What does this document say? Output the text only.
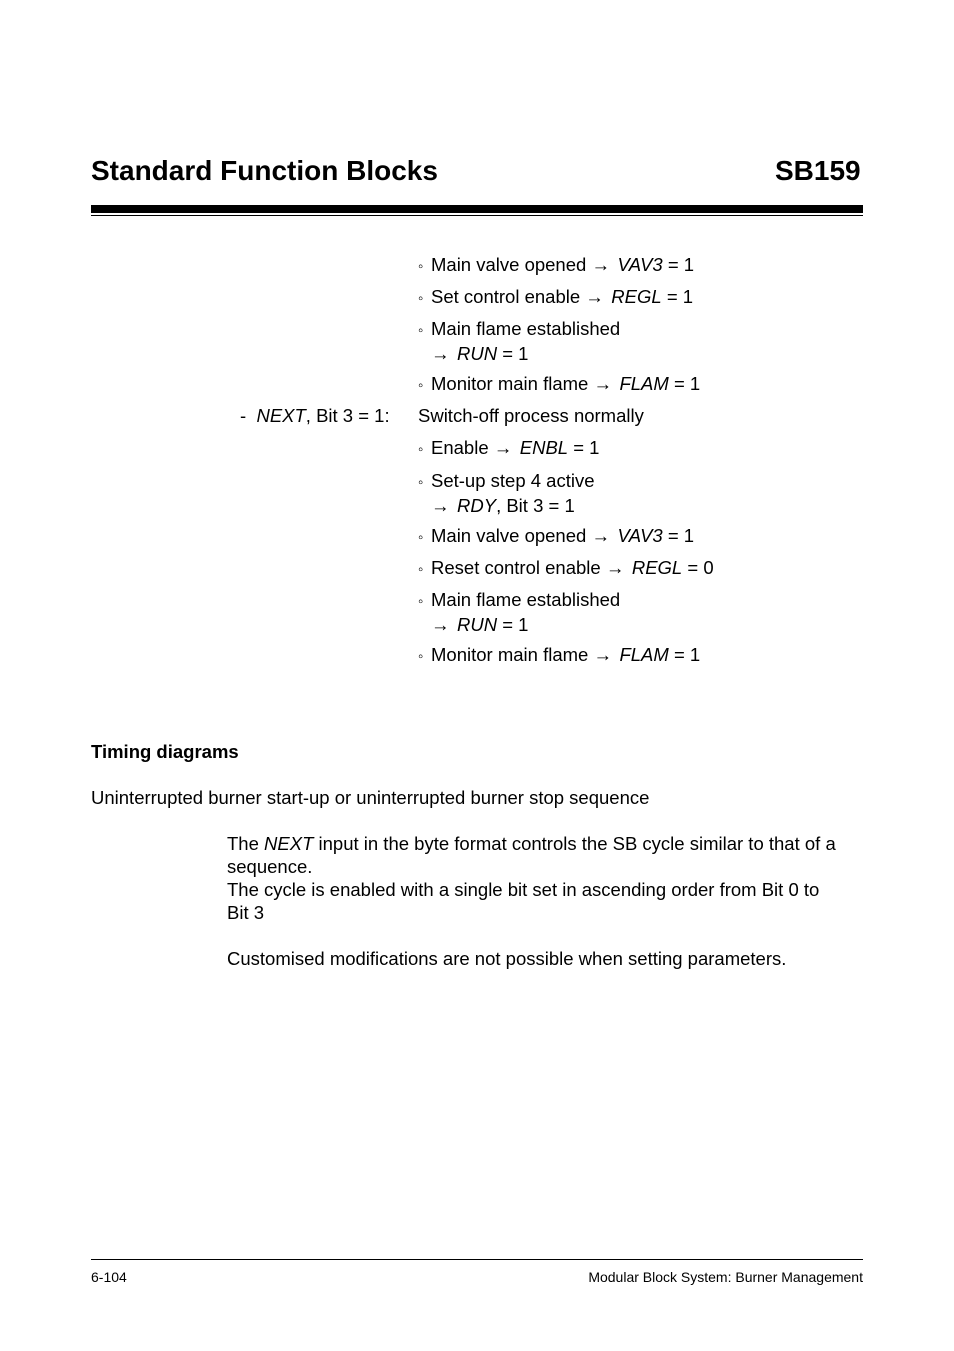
Standard Function Blocks	SB159
◦ Main valve opened → VAV3 = 1
◦ Set control enable → REGL = 1
◦ Main flame established
→ RUN = 1
◦ Monitor main flame → FLAM = 1
- NEXT, Bit 3 = 1: Switch-off process normally
◦ Enable → ENBL = 1
◦ Set-up step 4 active
→ RDY, Bit 3 = 1
◦ Main valve opened → VAV3 = 1
◦ Reset control enable → REGL = 0
◦ Main flame established
→ RUN = 1
◦ Monitor main flame → FLAM = 1
Timing diagrams
Uninterrupted burner start-up or uninterrupted burner stop sequence
The NEXT input in the byte format controls the SB cycle similar to that of a
sequence.
The cycle is enabled with a single bit set in ascending order from Bit 0 to
Bit 3
Customised modifications are not possible when setting parameters.
6-104	Modular Block System: Burner Management
